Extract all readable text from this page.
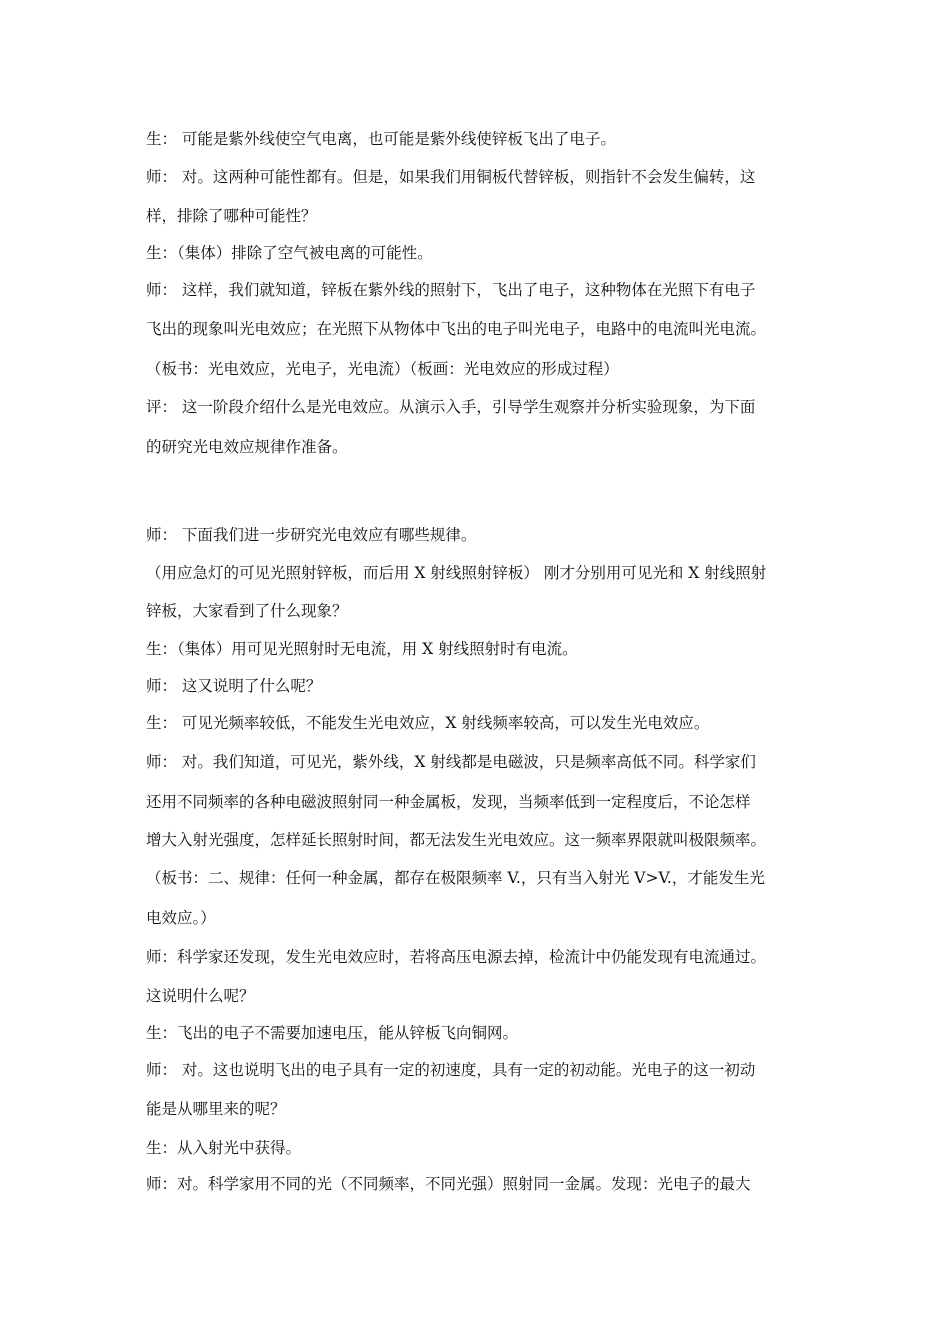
生： 可能是紫外线使空气电离，也可能是紫外线使锌板飞出了电子。
师： 对。这两种可能性都有。但是，如果我们用铜板代替锌板，则指针不会发生偏转，这
样，排除了哪种可能性？
生：（集体）排除了空气被电离的可能性。
师： 这样，我们就知道，锌板在紫外线的照射下，飞出了电子，这种物体在光照下有电子
飞出的现象叫光电效应；在光照下从物体中飞出的电子叫光电子，电路中的电流叫光电流。
（板书：光电效应，光电子，光电流）（板画：光电效应的形成过程）
评： 这一阶段介绍什么是光电效应。从演示入手，引导学生观察并分析实验现象，为下面
的研究光电效应规律作准备。
师： 下面我们进一步研究光电效应有哪些规律。
（用应急灯的可见光照射锌板，而后用 X 射线照射锌板） 刚才分别用可见光和 X 射线照射
锌板，大家看到了什么现象？
生：（集体）用可见光照射时无电流，用 X 射线照射时有电流。
师： 这又说明了什么呢？
生： 可见光频率较低，不能发生光电效应，X 射线频率较高，可以发生光电效应。
师： 对。我们知道，可见光，紫外线，X 射线都是电磁波，只是频率高低不同。科学家们
还用不同频率的各种电磁波照射同一种金属板，发现，当频率低到一定程度后，不论怎样
增大入射光强度，怎样延长照射时间，都无法发生光电效应。这一频率界限就叫极限频率。
（板书：二、规律：任何一种金属，都存在极限频率 V.，只有当入射光 V>V.，才能发生光
电效应。）
师：科学家还发现，发生光电效应时，若将高压电源去掉，检流计中仍能发现有电流通过。
这说明什么呢？
生：飞出的电子不需要加速电压，能从锌板飞向铜网。
师： 对。这也说明飞出的电子具有一定的初速度，具有一定的初动能。光电子的这一初动
能是从哪里来的呢？
生：从入射光中获得。
师：对。科学家用不同的光（不同频率，不同光强）照射同一金属。发现：光电子的最大
